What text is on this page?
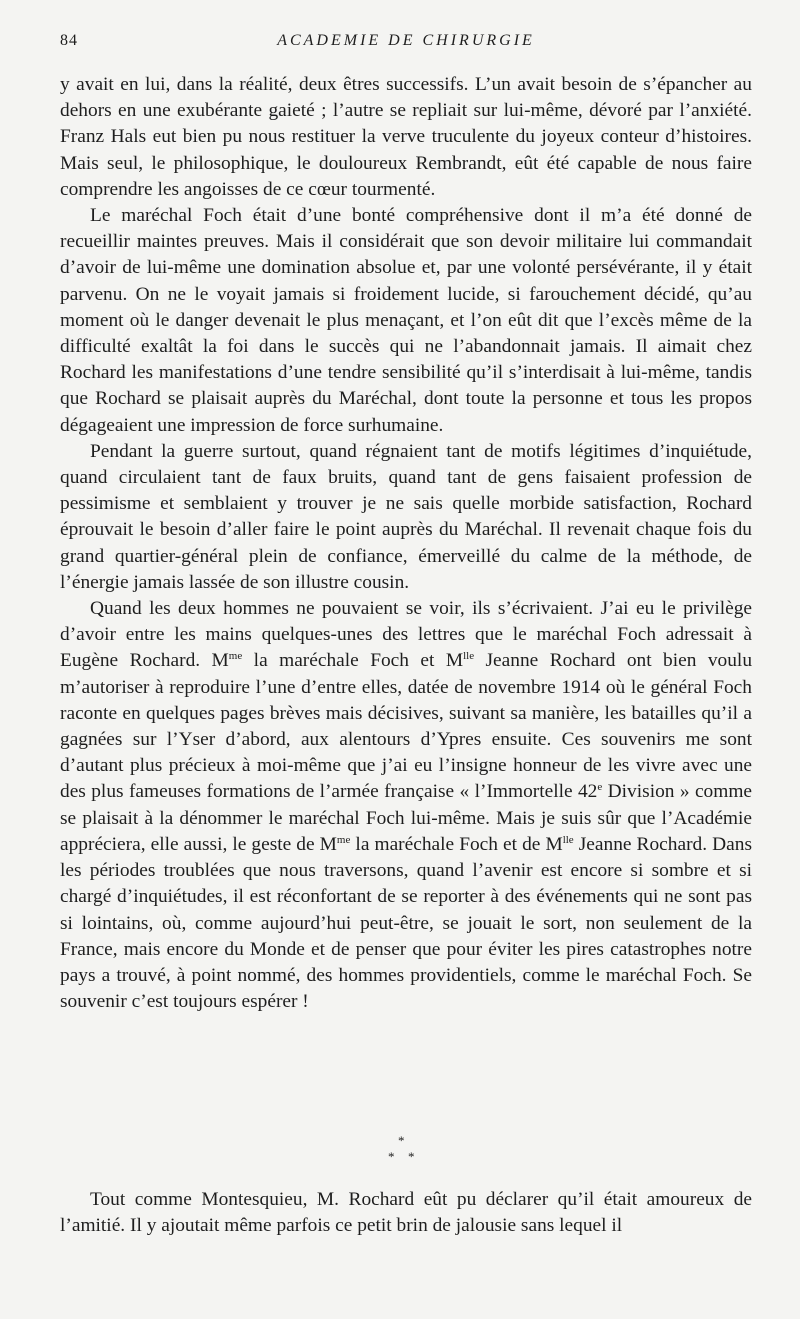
84	ACADEMIE DE CHIRURGIE

y avait en lui, dans la réalité, deux êtres successifs. L’un avait besoin de s’épancher au dehors en une exubérante gaieté ; l’autre se repliait sur lui-même, dévoré par l’anxiété. Franz Hals eut bien pu nous restituer la verve truculente du joyeux conteur d’histoires. Mais seul, le philosophique, le douloureux Rembrandt, eût été capable de nous faire comprendre les angoisses de ce cœur tourmenté.

Le maréchal Foch était d’une bonté compréhensive dont il m’a été donné de recueillir maintes preuves. Mais il considérait que son devoir militaire lui commandait d’avoir de lui-même une domination absolue et, par une volonté persévérante, il y était parvenu. On ne le voyait jamais si froidement lucide, si farouchement décidé, qu’au moment où le danger devenait le plus menaçant, et l’on eût dit que l’excès même de la difficulté exaltât la foi dans le succès qui ne l’abandonnait jamais. Il aimait chez Rochard les manifestations d’une tendre sensibilité qu’il s’interdisait à lui-même, tandis que Rochard se plaisait auprès du Maréchal, dont toute la personne et tous les propos dégageaient une impression de force surhumaine.

Pendant la guerre surtout, quand régnaient tant de motifs légitimes d’inquiétude, quand circulaient tant de faux bruits, quand tant de gens faisaient profession de pessimisme et semblaient y trouver je ne sais quelle morbide satisfaction, Rochard éprouvait le besoin d’aller faire le point auprès du Maréchal. Il revenait chaque fois du grand quartier-général plein de confiance, émerveillé du calme de la méthode, de l’énergie jamais lassée de son illustre cousin.

Quand les deux hommes ne pouvaient se voir, ils s’écrivaient. J’ai eu le privilège d’avoir entre les mains quelques-unes des lettres que le maréchal Foch adressait à Eugène Rochard. $M^{me}$ la maréchale Foch et $M^{lle}$ Jeanne Rochard ont bien voulu m’autoriser à reproduire l’une d’entre elles, datée de novembre 1914 où le général Foch raconte en quelques pages brèves mais décisives, suivant sa manière, les batailles qu’il a gagnées sur l’Yser d’abord, aux alentours d’Ypres ensuite. Ces souvenirs me sont d’autant plus précieux à moi-même que j’ai eu l’insigne honneur de les vivre avec une des plus fameuses formations de l’armée française « l’Immortelle 42e Division » comme se plaisait à la dénommer le maréchal Foch lui-même. Mais je suis sûr que l’Académie appréciera, elle aussi, le geste de $M^{me}$ la maréchale Foch et de $M^{lle}$ Jeanne Rochard. Dans les périodes troublées que nous traversons, quand l’avenir est encore si sombre et si chargé d’inquiétudes, il est réconfortant de se reporter à des événements qui ne sont pas si lointains, où, comme aujourd’hui peut-être, se jouait le sort, non seulement de la France, mais encore du Monde et de penser que pour éviter les pires catastrophes notre pays a trouvé, à point nommé, des hommes providentiels, comme le maréchal Foch. Se souvenir c’est toujours espérer !

*
* *

Tout comme Montesquieu, M. Rochard eût pu déclarer qu’il était amoureux de l’amitié. Il y ajoutait même parfois ce petit brin de jalousie sans lequel il
